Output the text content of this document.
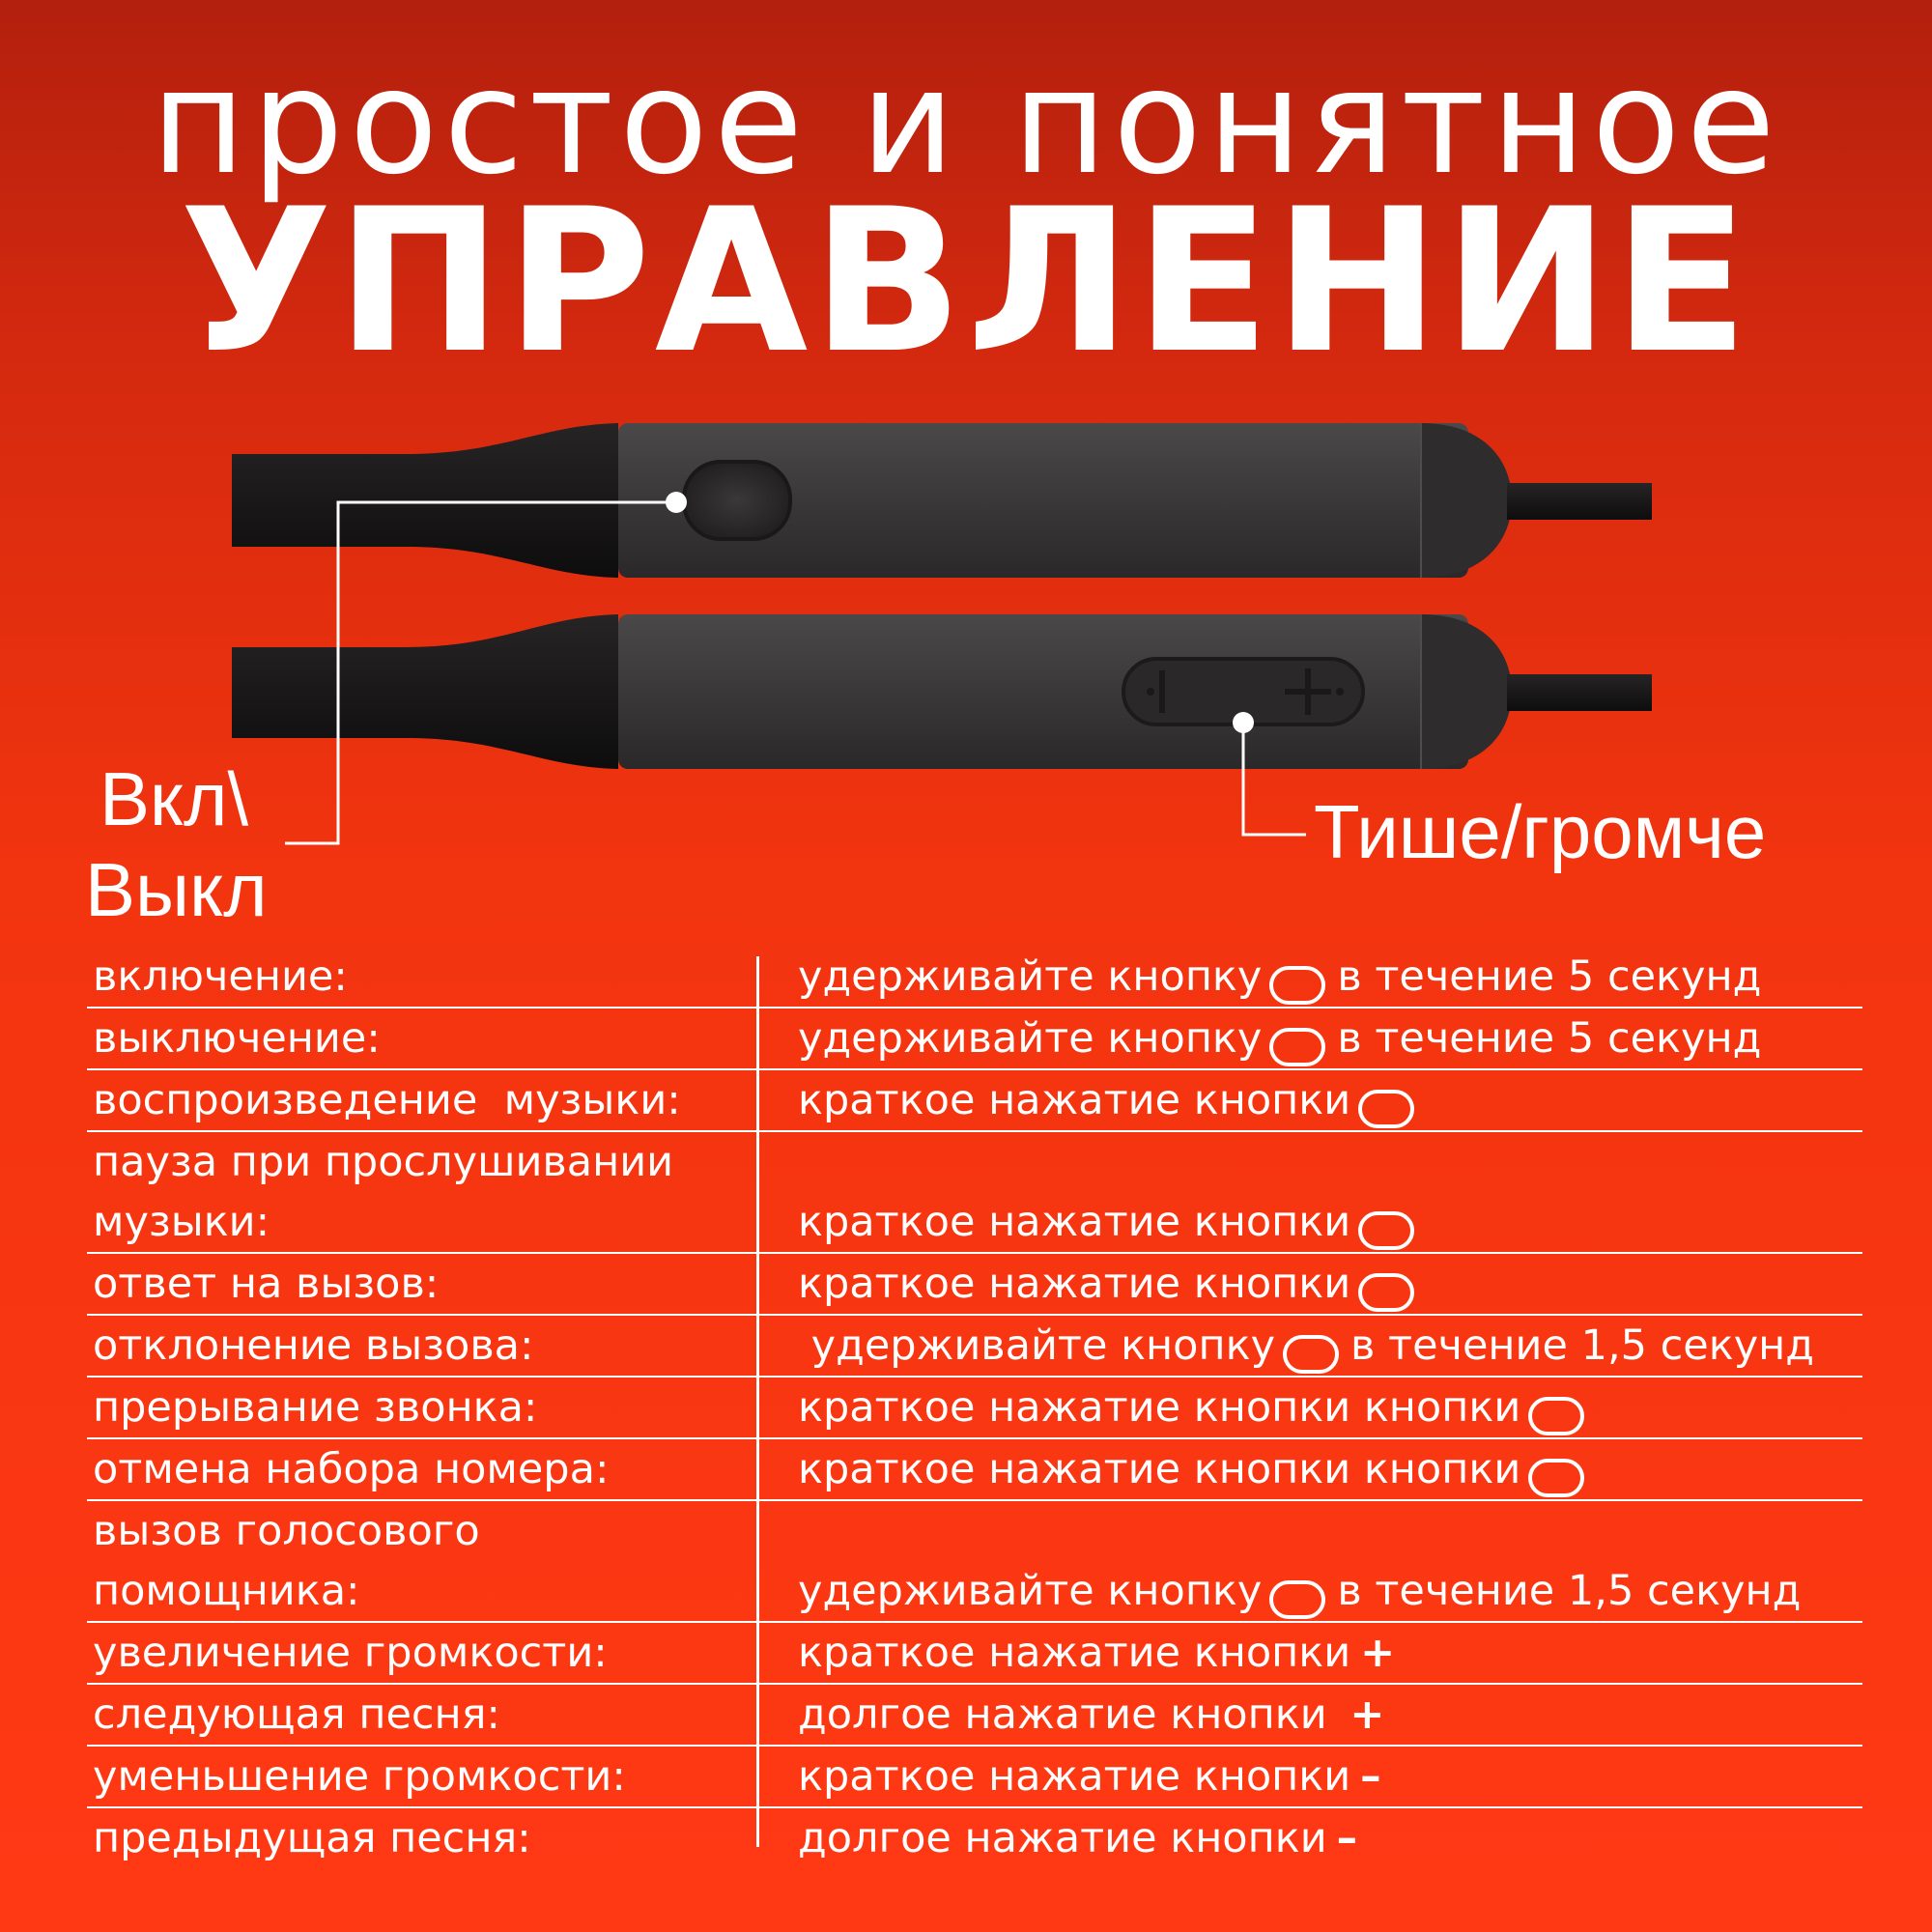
простое и понятное
УПРАВЛЕНИЕ
Вкл\
Выкл
Тише/громче
включение:	удерживайте кнопку в течение 5 секунд
выключение:	удерживайте кнопку в течение 5 секунд
воспроизведение  музыки:	краткое нажатие кнопки
пауза при прослушивании
музыки:	краткое нажатие кнопки
ответ на вызов:	краткое нажатие кнопки
отклонение вызова:	удерживайте кнопку в течение 1,5 секунд
прерывание звонка:	краткое нажатие кнопки кнопки
отмена набора номера:	краткое нажатие кнопки кнопки
вызов голосового
помощника:	удерживайте кнопку в течение 1,5 секунд
увеличение громкости:	краткое нажатие кнопки +
следующая песня:	долгое нажатие кнопки +
уменьшение громкости:	краткое нажатие кнопки –
предыдущая песня:	долгое нажатие кнопки –
